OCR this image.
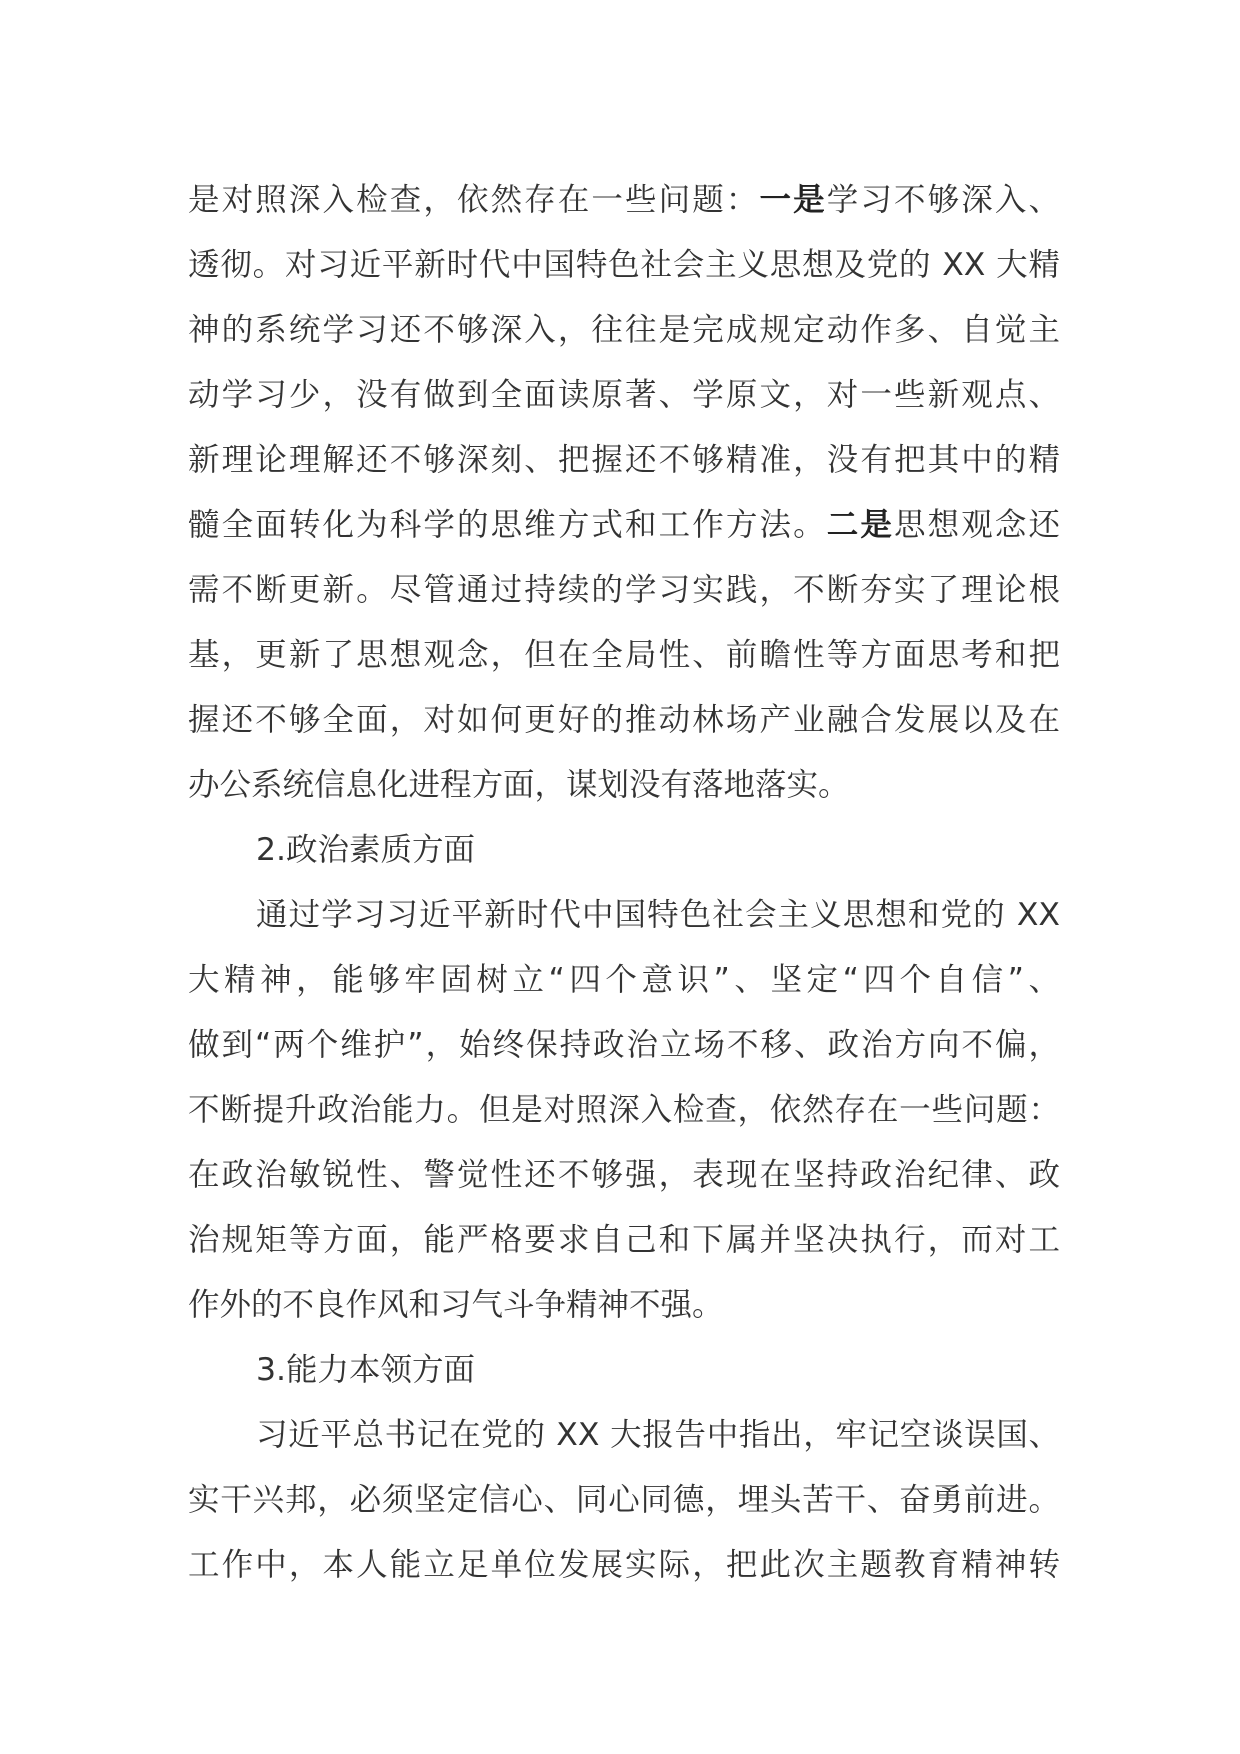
是对照深入检查，依然存在一些问题：一是学习不够深入、
透彻。对习近平新时代中国特色社会主义思想及党的 XX 大精
神的系统学习还不够深入，往往是完成规定动作多、自觉主
动学习少，没有做到全面读原著、学原文，对一些新观点、
新理论理解还不够深刻、把握还不够精准，没有把其中的精
髓全面转化为科学的思维方式和工作方法。二是思想观念还
需不断更新。尽管通过持续的学习实践，不断夯实了理论根
基，更新了思想观念，但在全局性、前瞻性等方面思考和把
握还不够全面，对如何更好的推动林场产业融合发展以及在
办公系统信息化进程方面，谋划没有落地落实。
2.政治素质方面
通过学习习近平新时代中国特色社会主义思想和党的 XX
大精神，能够牢固树立“四个意识”、坚定“四个自信”、
做到“两个维护”，始终保持政治立场不移、政治方向不偏，
不断提升政治能力。但是对照深入检查，依然存在一些问题：
在政治敏锐性、警觉性还不够强，表现在坚持政治纪律、政
治规矩等方面，能严格要求自己和下属并坚决执行，而对工
作外的不良作风和习气斗争精神不强。
3.能力本领方面
习近平总书记在党的 XX 大报告中指出，牢记空谈误国、
实干兴邦，必须坚定信心、同心同德，埋头苦干、奋勇前进。
工作中，本人能立足单位发展实际，把此次主题教育精神转
